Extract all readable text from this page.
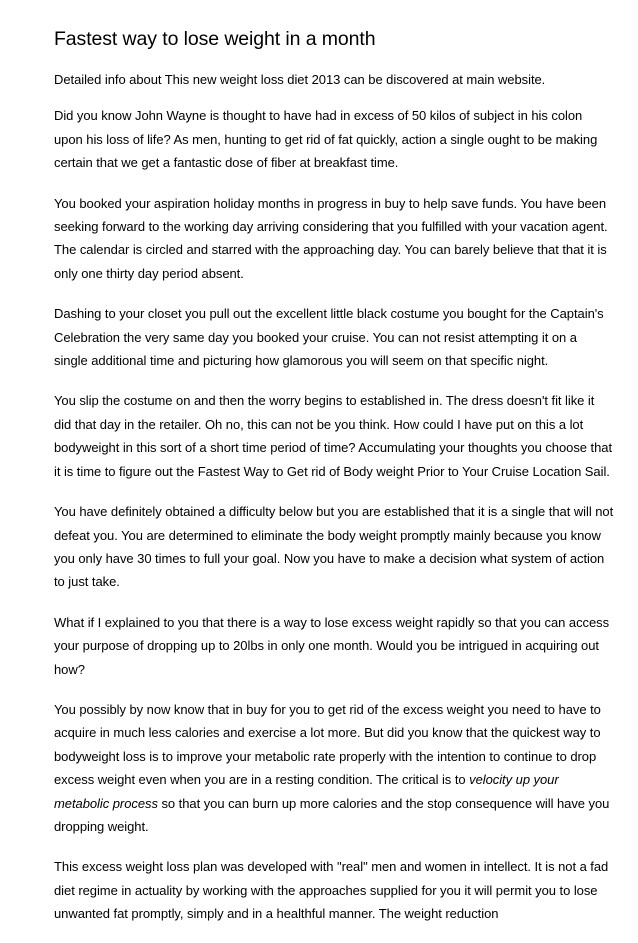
Fastest way to lose weight in a month

Detailed info about This new weight loss diet 2013 can be discovered at main website.

Did you know John Wayne is thought to have had in excess of 50 kilos of subject in his colon upon his loss of life? As men, hunting to get rid of fat quickly, action a single ought to be making certain that we get a fantastic dose of fiber at breakfast time.

You booked your aspiration holiday months in progress in buy to help save funds. You have been seeking forward to the working day arriving considering that you fulfilled with your vacation agent. The calendar is circled and starred with the approaching day. You can barely believe that that it is only one thirty day period absent.

Dashing to your closet you pull out the excellent little black costume you bought for the Captain's Celebration the very same day you booked your cruise. You can not resist attempting it on a single additional time and picturing how glamorous you will seem on that specific night.

You slip the costume on and then the worry begins to established in. The dress doesn't fit like it did that day in the retailer. Oh no, this can not be you think. How could I have put on this a lot bodyweight in this sort of a short time period of time? Accumulating your thoughts you choose that it is time to figure out the Fastest Way to Get rid of Body weight Prior to Your Cruise Location Sail.

You have definitely obtained a difficulty below but you are established that it is a single that will not defeat you. You are determined to eliminate the body weight promptly mainly because you know you only have 30 times to full your goal. Now you have to make a decision what system of action to just take.

What if I explained to you that there is a way to lose excess weight rapidly so that you can access your purpose of dropping up to 20lbs in only one month. Would you be intrigued in acquiring out how?

You possibly by now know that in buy for you to get rid of the excess weight you need to have to acquire in much less calories and exercise a lot more. But did you know that the quickest way to bodyweight loss is to improve your metabolic rate properly with the intention to continue to drop excess weight even when you are in a resting condition. The critical is to velocity up your metabolic process so that you can burn up more calories and the stop consequence will have you dropping weight.

This excess weight loss plan was developed with "real" men and women in intellect. It is not a fad diet regime in actuality by working with the approaches supplied for you it will permit you to lose unwanted fat promptly, simply and in a healthful manner. The weight reduction
